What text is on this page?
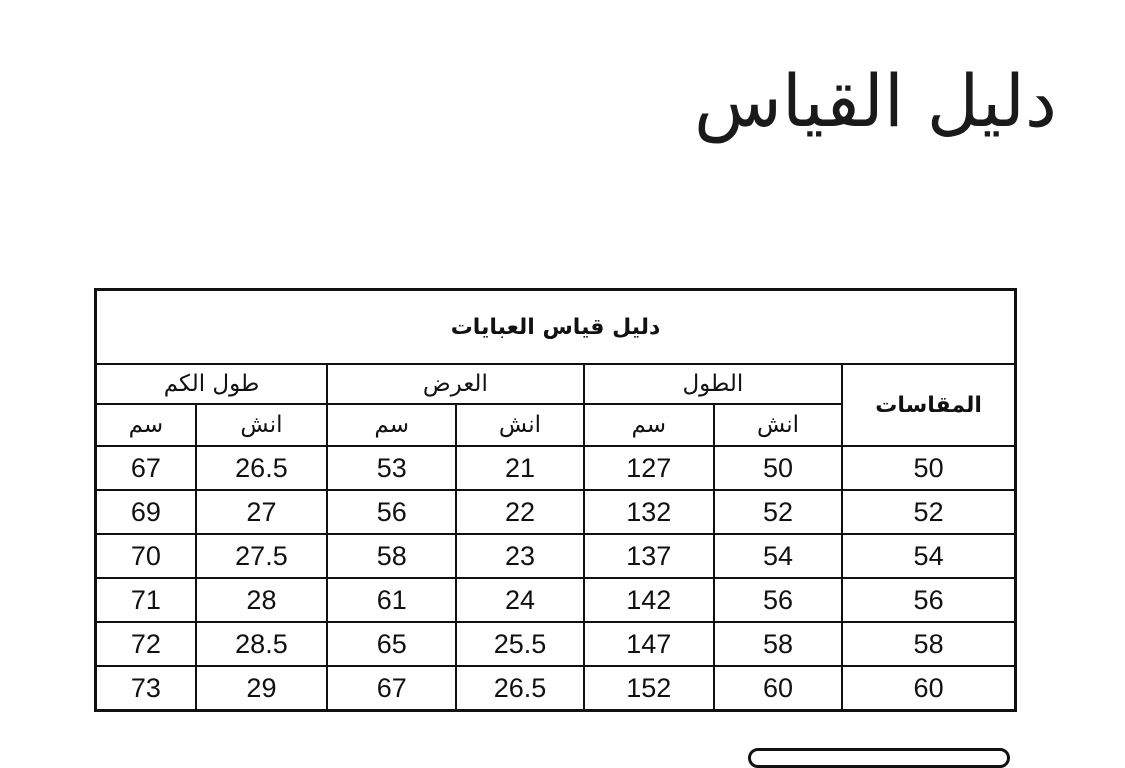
دليل القياس
دليل قياس العبايات						
المقاسات	الطول		العرض		طول الكم	
	انش	سم	انش	سم	انش	سم
50	50	127	21	53	26.5	67
52	52	132	22	56	27	69
54	54	137	23	58	27.5	70
56	56	142	24	61	28	71
58	58	147	25.5	65	28.5	72
60	60	152	26.5	67	29	73
